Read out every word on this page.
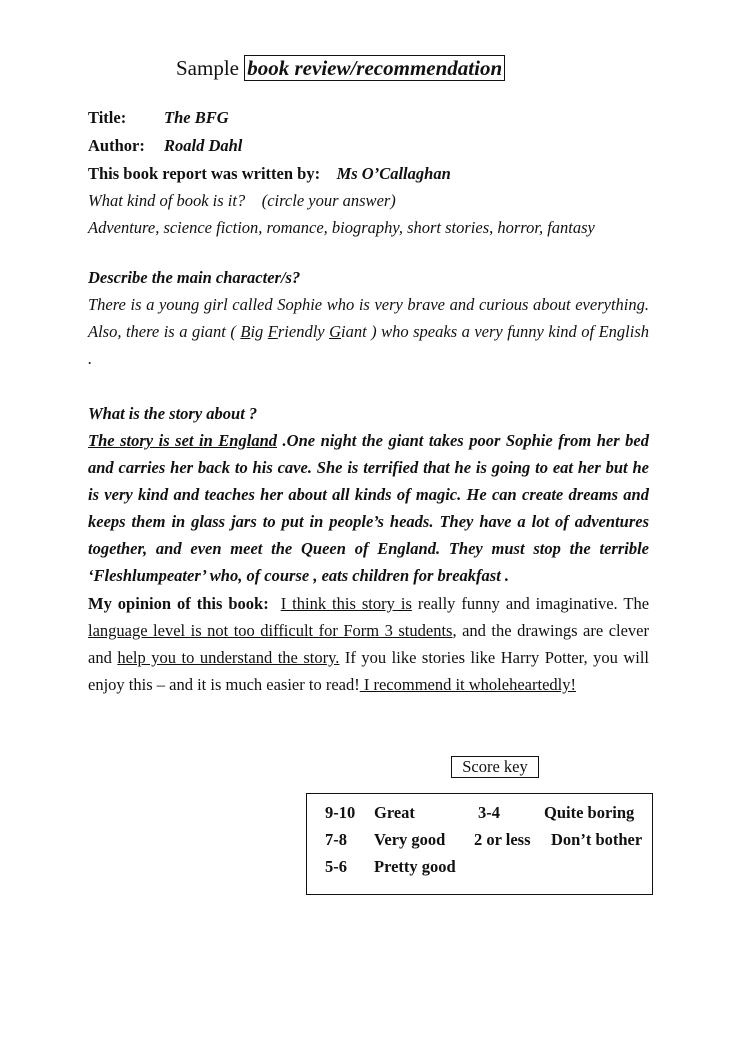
Sample book review/recommendation
Title: The BFG
Author: Roald Dahl
This book report was written by: Ms O’Callaghan
What kind of book is it? (circle your answer)
Adventure, science fiction, romance, biography, short stories, horror, fantasy
Describe the main character/s?
There is a young girl called Sophie who is very brave and curious about everything. Also, there is a giant ( Big Friendly Giant ) who speaks a very funny kind of English .
What is the story about ?
The story is set in England .One night the giant takes poor Sophie from her bed and carries her back to his cave. She is terrified that he is going to eat her but he is very kind and teaches her about all kinds of magic. He can create dreams and keeps them in glass jars to put in people’s heads. They have a lot of adventures together, and even meet the Queen of England. They must stop the terrible ‘Fleshlumpeater’ who, of course , eats children for breakfast .
My opinion of this book: I think this story is really funny and imaginative. The language level is not too difficult for Form 3 students, and the drawings are clever and help you to understand the story. If you like stories like Harry Potter, you will enjoy this – and it is much easier to read! I recommend it wholeheartedly!
Score key
9-10 Great	3-4	Quite boring
7-8 Very good 2 or less Don’t bother
5-6 Pretty good
